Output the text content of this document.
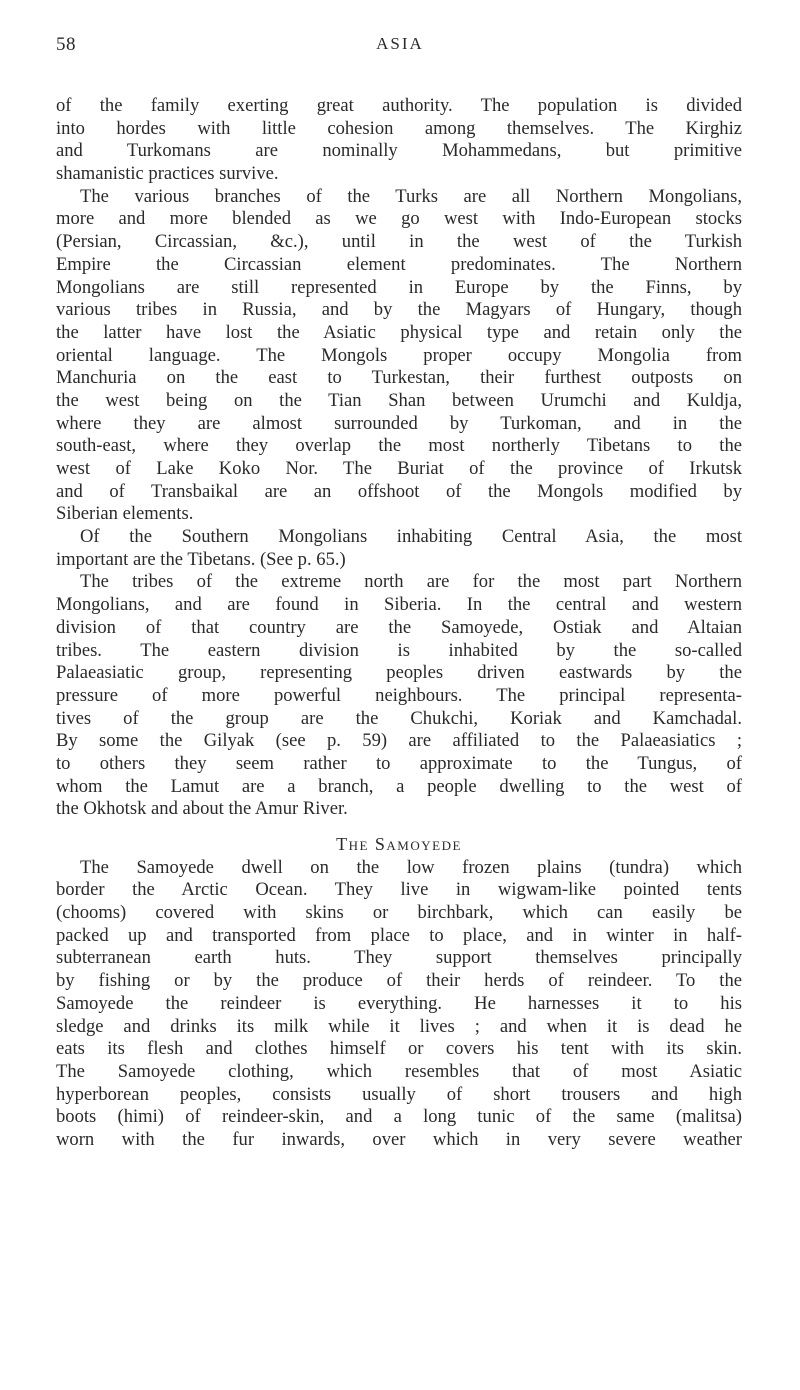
58	ASIA
of the family exerting great authority. The population is divided
into hordes with little cohesion among themselves. The Kirghiz
and Turkomans are nominally Mohammedans, but primitive
shamanistic practices survive.
The various branches of the Turks are all Northern Mongolians,
more and more blended as we go west with Indo-European stocks
(Persian, Circassian, &c.), until in the west of the Turkish
Empire the Circassian element predominates. The Northern
Mongolians are still represented in Europe by the Finns, by
various tribes in Russia, and by the Magyars of Hungary, though
the latter have lost the Asiatic physical type and retain only the
oriental language. The Mongols proper occupy Mongolia from
Manchuria on the east to Turkestan, their furthest outposts on
the west being on the Tian Shan between Urumchi and Kuldja,
where they are almost surrounded by Turkoman, and in the
south-east, where they overlap the most northerly Tibetans to the
west of Lake Koko Nor. The Buriat of the province of Irkutsk
and of Transbaikal are an offshoot of the Mongols modified by
Siberian elements.
Of the Southern Mongolians inhabiting Central Asia, the most
important are the Tibetans. (See p. 65.)
The tribes of the extreme north are for the most part Northern
Mongolians, and are found in Siberia. In the central and western
division of that country are the Samoyede, Ostiak and Altaian
tribes. The eastern division is inhabited by the so-called
Palaeasiatic group, representing peoples driven eastwards by the
pressure of more powerful neighbours. The principal representa-
tives of the group are the Chukchi, Koriak and Kamchadal.
By some the Gilyak (see p. 59) are affiliated to the Palaeasiatics ;
to others they seem rather to approximate to the Tungus, of
whom the Lamut are a branch, a people dwelling to the west of
the Okhotsk and about the Amur River.
The Samoyede
The Samoyede dwell on the low frozen plains (tundra) which
border the Arctic Ocean. They live in wigwam-like pointed tents
(chooms) covered with skins or birchbark, which can easily be
packed up and transported from place to place, and in winter in half-
subterranean earth huts. They support themselves principally
by fishing or by the produce of their herds of reindeer. To the
Samoyede the reindeer is everything. He harnesses it to his
sledge and drinks its milk while it lives ; and when it is dead he
eats its flesh and clothes himself or covers his tent with its skin.
The Samoyede clothing, which resembles that of most Asiatic
hyperborean peoples, consists usually of short trousers and high
boots (himi) of reindeer-skin, and a long tunic of the same (malitsa)
worn with the fur inwards, over which in very severe weather
